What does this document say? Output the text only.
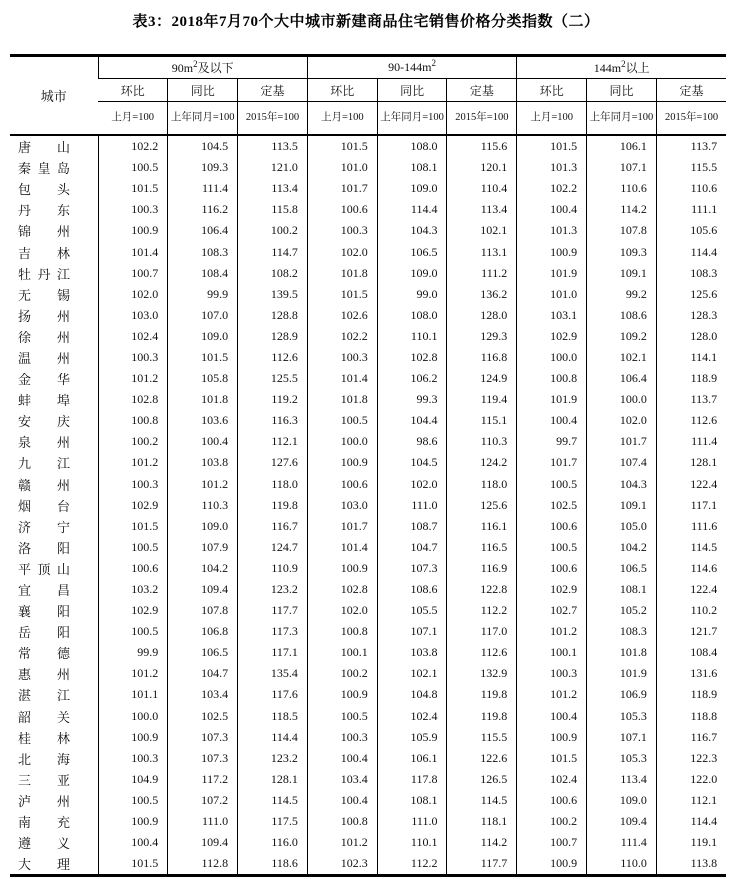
表3：2018年7月70个大中城市新建商品住宅销售价格分类指数（二）
城市	$90m^2$及以下			$90-144m^2$			$144m^2$以上		
	环比	同比	定基	环比	同比	定基	环比	同比	定基
	上月=100	上年同月=100	2015年=100	上月=100	上年同月=100	2015年=100	上月=100	上年同月=100	2015年=100
唐山	102.2	104.5	113.5	101.5	108.0	115.6	101.5	106.1	113.7
秦皇岛	100.5	109.3	121.0	101.0	108.1	120.1	101.3	107.1	115.5
包头	101.5	111.4	113.4	101.7	109.0	110.4	102.2	110.6	110.6
丹东	100.3	116.2	115.8	100.6	114.4	113.4	100.4	114.2	111.1
锦州	100.9	106.4	100.2	100.3	104.3	102.1	101.3	107.8	105.6
吉林	101.4	108.3	114.7	102.0	106.5	113.1	100.9	109.3	114.4
牡丹江	100.7	108.4	108.2	101.8	109.0	111.2	101.9	109.1	108.3
无锡	102.0	99.9	139.5	101.5	99.0	136.2	101.0	99.2	125.6
扬州	103.0	107.0	128.8	102.6	108.0	128.0	103.1	108.6	128.3
徐州	102.4	109.0	128.9	102.2	110.1	129.3	102.9	109.2	128.0
温州	100.3	101.5	112.6	100.3	102.8	116.8	100.0	102.1	114.1
金华	101.2	105.8	125.5	101.4	106.2	124.9	100.8	106.4	118.9
蚌埠	102.8	101.8	119.2	101.8	99.3	119.4	101.9	100.0	113.7
安庆	100.8	103.6	116.3	100.5	104.4	115.1	100.4	102.0	112.6
泉州	100.2	100.4	112.1	100.0	98.6	110.3	99.7	101.7	111.4
九江	101.2	103.8	127.6	100.9	104.5	124.2	101.7	107.4	128.1
赣州	100.3	101.2	118.0	100.6	102.0	118.0	100.5	104.3	122.4
烟台	102.9	110.3	119.8	103.0	111.0	125.6	102.5	109.1	117.1
济宁	101.5	109.0	116.7	101.7	108.7	116.1	100.6	105.0	111.6
洛阳	100.5	107.9	124.7	101.4	104.7	116.5	100.5	104.2	114.5
平顶山	100.6	104.2	110.9	100.9	107.3	116.9	100.6	106.5	114.6
宜昌	103.2	109.4	123.2	102.8	108.6	122.8	102.9	108.1	122.4
襄阳	102.9	107.8	117.7	102.0	105.5	112.2	102.7	105.2	110.2
岳阳	100.5	106.8	117.3	100.8	107.1	117.0	101.2	108.3	121.7
常德	99.9	106.5	117.1	100.1	103.8	112.6	100.1	101.8	108.4
惠州	101.2	104.7	135.4	100.2	102.1	132.9	100.3	101.9	131.6
湛江	101.1	103.4	117.6	100.9	104.8	119.8	101.2	106.9	118.9
韶关	100.0	102.5	118.5	100.5	102.4	119.8	100.4	105.3	118.8
桂林	100.9	107.3	114.4	100.3	105.9	115.5	100.9	107.1	116.7
北海	100.3	107.3	123.2	100.4	106.1	122.6	101.5	105.3	122.3
三亚	104.9	117.2	128.1	103.4	117.8	126.5	102.4	113.4	122.0
泸州	100.5	107.2	114.5	100.4	108.1	114.5	100.6	109.0	112.1
南充	100.9	111.0	117.5	100.8	111.0	118.1	100.2	109.4	114.4
遵义	100.4	109.4	116.0	101.2	110.1	114.2	100.7	111.4	119.1
大理	101.5	112.8	118.6	102.3	112.2	117.7	100.9	110.0	113.8
